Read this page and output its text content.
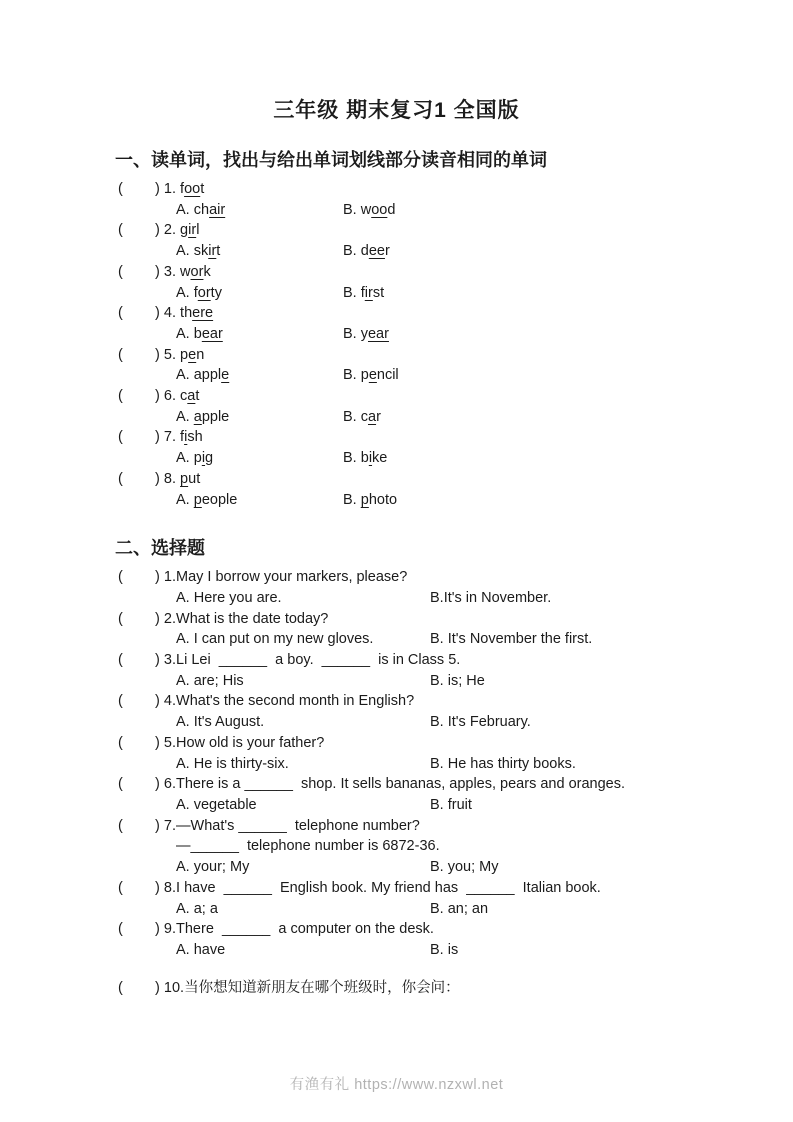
三年级 期末复习1 全国版
一、读单词，找出与给出单词划线部分读音相同的单词
(        ) 1. foot
A. chair	B. wood
(        ) 2. girl
A. skirt	B. deer
(        ) 3. work
A. forty	B. first
(        ) 4. there
A. bear	B. year
(        ) 5. pen
A. apple	B. pencil
(        ) 6. cat
A. apple	B. car
(        ) 7. fish
A. pig	B. bike
(        ) 8. put
A. people	B. photo
二、选择题
(        ) 1.May I borrow your markers, please?
A. Here you are.	B.It's in November.
(        ) 2.What is the date today?
A. I can put on my new gloves.	B. It's November the first.
(        ) 3.Li Lei  ______  a boy.  ______  is in Class 5.
A. are; His	B. is; He
(        ) 4.What's the second month in English?
A. It's August.	B. It's February.
(        ) 5.How old is your father?
A. He is thirty-six.	B. He has thirty books.
(        ) 6.There is a ______  shop. It sells bananas, apples, pears and oranges.
A. vegetable	B. fruit
(        ) 7.—What's ______  telephone number?
—______  telephone number is 6872-36.
A. your; My	B. you; My
(        ) 8.I have  ______  English book. My friend has  ______  Italian book.
A. a; a	B. an; an
(        ) 9.There  ______  a computer on the desk.
A. have	B. is
(        ) 10.当你想知道新朋友在哪个班级时，你会问：
有渔有礼 https://www.nzxwl.net
